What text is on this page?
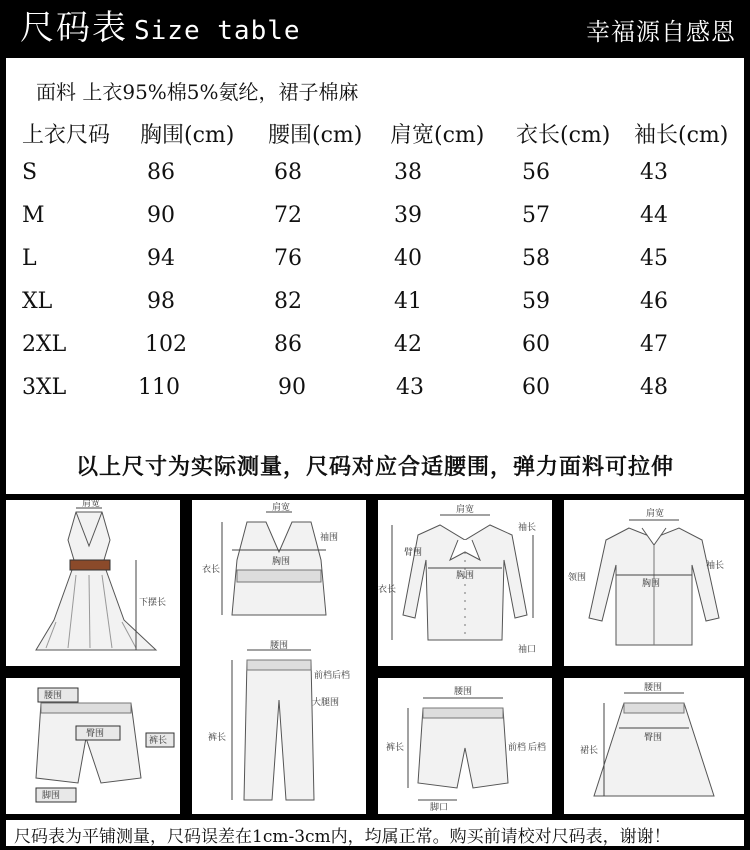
尺码表 Size table	幸福源自感恩
面料 上衣95%棉5%氨纶，裙子棉麻
上衣尺码 胸围(cm) 腰围(cm) 肩宽(cm) 衣长(cm) 袖长(cm)
S	86	68	38	56	43
M	90	72	39	57	44
L	94	76	40	58	45
XL	98	82	41	59	46
2XL	102	86	42	60	47
3XL	110	90	43	60	48
以上尺寸为实际测量，尺码对应合适腰围，弹力面料可拉伸
肩宽
下摆长
肩宽
袖围
胸围
衣长
腰围
前档 后档
大腿围
裤长
肩宽
胸围
臂围
衣长
袖口
袖长
肩宽
胸围
袖长
领围
腰围
臀围
裤长
脚围
腰围
裤长	前档 后档
脚口
腰围
臀围
裙长
尺码表为平铺测量，尺码误差在1cm-3cm内，均属正常。购买前请校对尺码表，谢谢！
